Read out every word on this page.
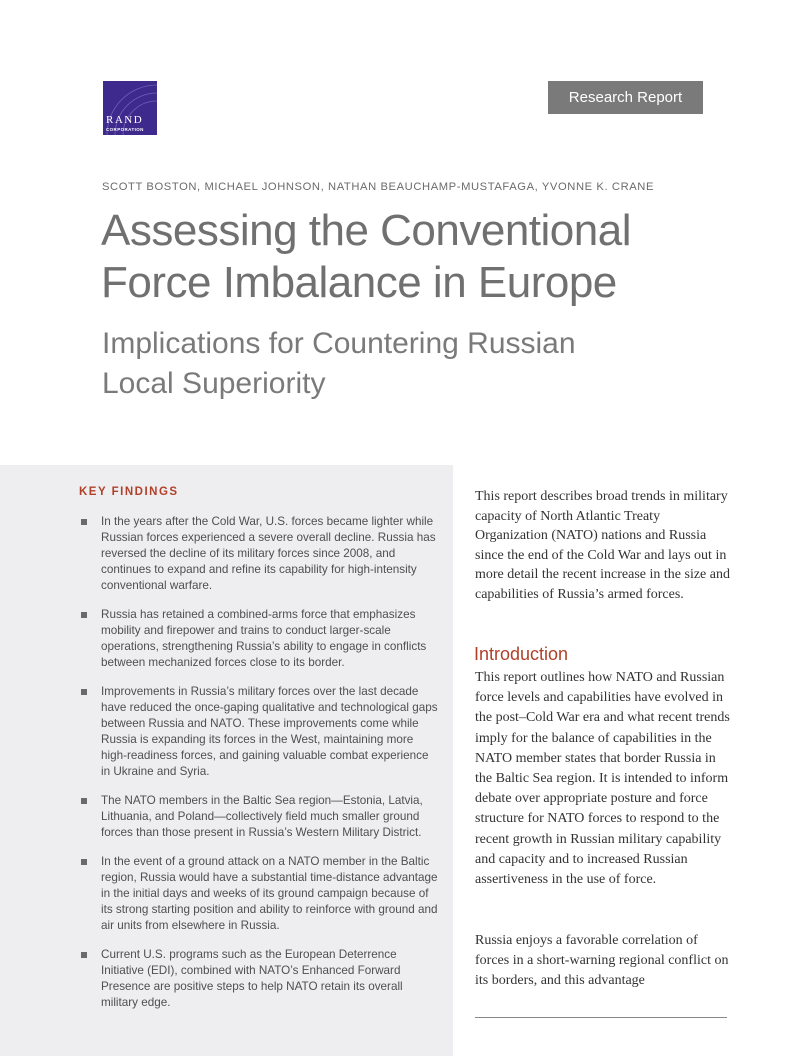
RAND
CORPORATION
Research Report
SCOTT BOSTON, MICHAEL JOHNSON, NATHAN BEAUCHAMP-MUSTAFAGA, YVONNE K. CRANE
Assessing the Conventional
Force Imbalance in Europe
Implications for Countering Russian
Local Superiority
KEY FINDINGS
In the years after the Cold War, U.S. forces became lighter while Russian forces experienced a severe overall decline. Russia has reversed the decline of its military forces since 2008, and continues to expand and refine its capability for high-intensity conventional warfare.
Russia has retained a combined-arms force that emphasizes mobility and firepower and trains to conduct larger-scale operations, strengthening Russia’s ability to engage in conflicts between mechanized forces close to its border.
Improvements in Russia’s military forces over the last decade have reduced the once-gaping qualitative and technological gaps between Russia and NATO. These improvements come while Russia is expanding its forces in the West, maintaining more high-readiness forces, and gaining valuable combat experience in Ukraine and Syria.
The NATO members in the Baltic Sea region—Estonia, Latvia, Lithuania, and Poland—collectively field much smaller ground forces than those present in Russia’s Western Military District.
In the event of a ground attack on a NATO member in the Baltic region, Russia would have a substantial time-distance advantage in the initial days and weeks of its ground campaign because of its strong starting position and ability to reinforce with ground and air units from elsewhere in Russia.
Current U.S. programs such as the European Deterrence Initiative (EDI), combined with NATO’s Enhanced Forward Presence are positive steps to help NATO retain its overall military edge.

This report describes broad trends in military capacity of North Atlantic Treaty Organization (NATO) nations and Russia since the end of the Cold War and lays out in more detail the recent increase in the size and capabilities of Russia’s armed forces.

Introduction

This report outlines how NATO and Russian force levels and capabilities have evolved in the post–Cold War era and what recent trends imply for the balance of capabilities in the NATO member states that border Russia in the Baltic Sea region. It is intended to inform debate over appropriate posture and force structure for NATO forces to respond to the recent growth in Russian military capability and capacity and to increased Russian assertiveness in the use of force.

Russia enjoys a favorable correlation of forces in a short-warning regional conflict on its borders, and this advantage
